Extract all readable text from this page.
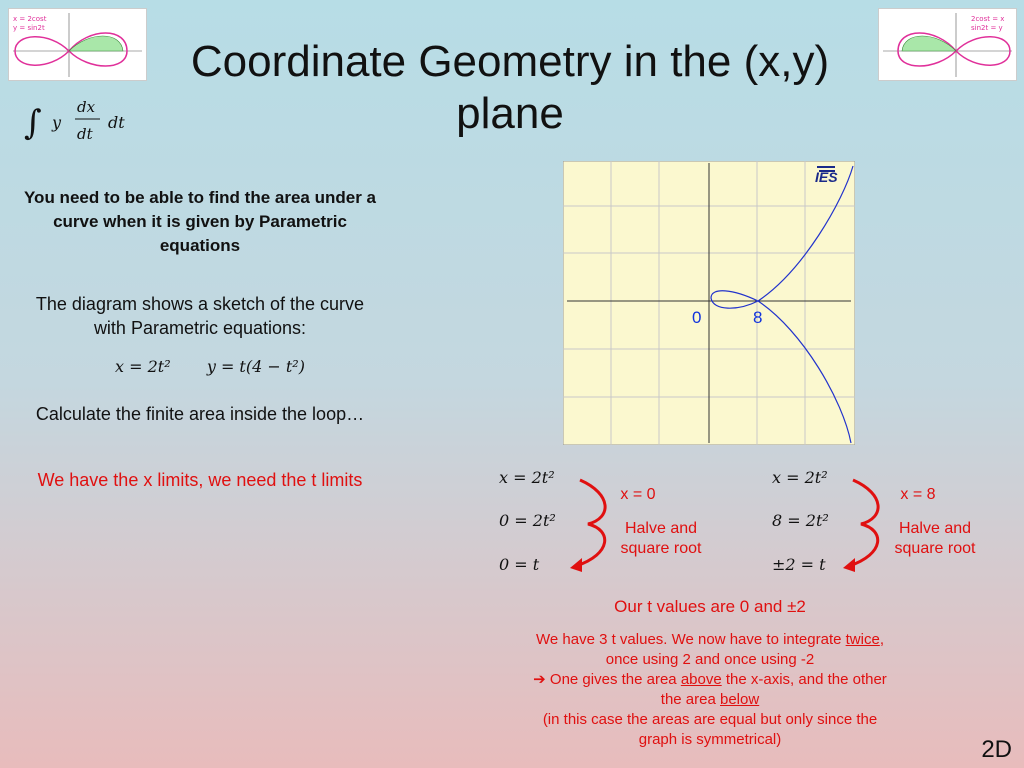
x = 2cost
y = sin2t
2cost = x
sin2t = y
Coordinate Geometry in the (x,y) plane
∫ y
dx
dt
dt
You need to be able to find the area under a curve when it is given by Parametric equations
The diagram shows a sketch of the curve with Parametric equations:
x = 2t² y = t(4 − t²)
Calculate the finite area inside the loop…
We have the x limits, we need the t limits
IES
0	8
x = 2t²
0 = 2t²
0 = t
x = 0
Halve and square root
x = 2t²
8 = 2t²
±2 = t
x = 8
Halve and square root
Our t values are 0 and ±2
We have 3 t values. We now have to integrate twice,
once using 2 and once using -2
➔ One gives the area above the x-axis, and the other
the area below
(in this case the areas are equal but only since the
graph is symmetrical)	2D
